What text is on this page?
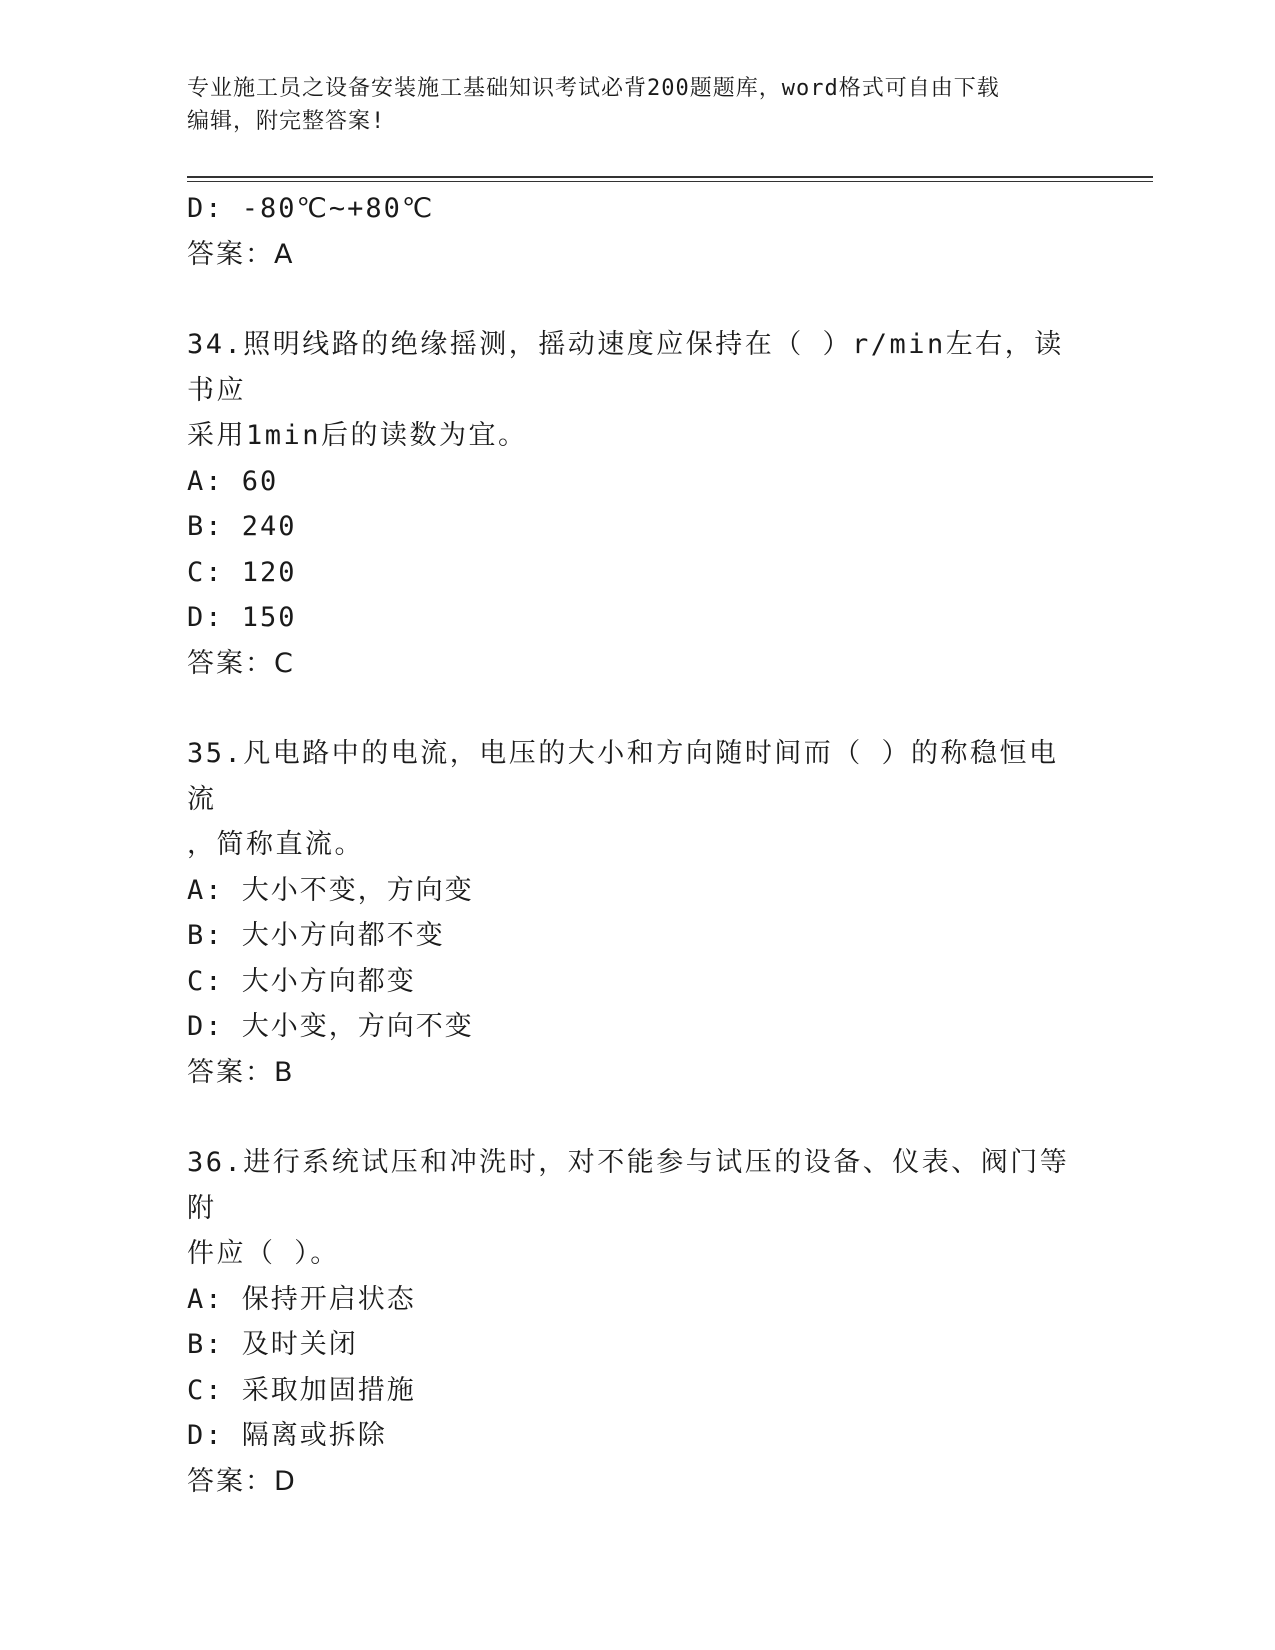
专业施工员之设备安装施工基础知识考试必背200题题库，word格式可自由下载
编辑，附完整答案!
D: -80℃~+80℃
答案：A
34.照明线路的绝缘摇测，摇动速度应保持在（ ）r/min左右，读书应
采用1min后的读数为宜。
A: 60
B: 240
C: 120
D: 150
答案：C
35.凡电路中的电流，电压的大小和方向随时间而（ ）的称稳恒电流
，简称直流。
A: 大小不变，方向变
B: 大小方向都不变
C: 大小方向都变
D: 大小变，方向不变
答案：B
36.进行系统试压和冲洗时，对不能参与试压的设备、仪表、阀门等附
件应（ ）。
A: 保持开启状态
B: 及时关闭
C: 采取加固措施
D: 隔离或拆除
答案：D
